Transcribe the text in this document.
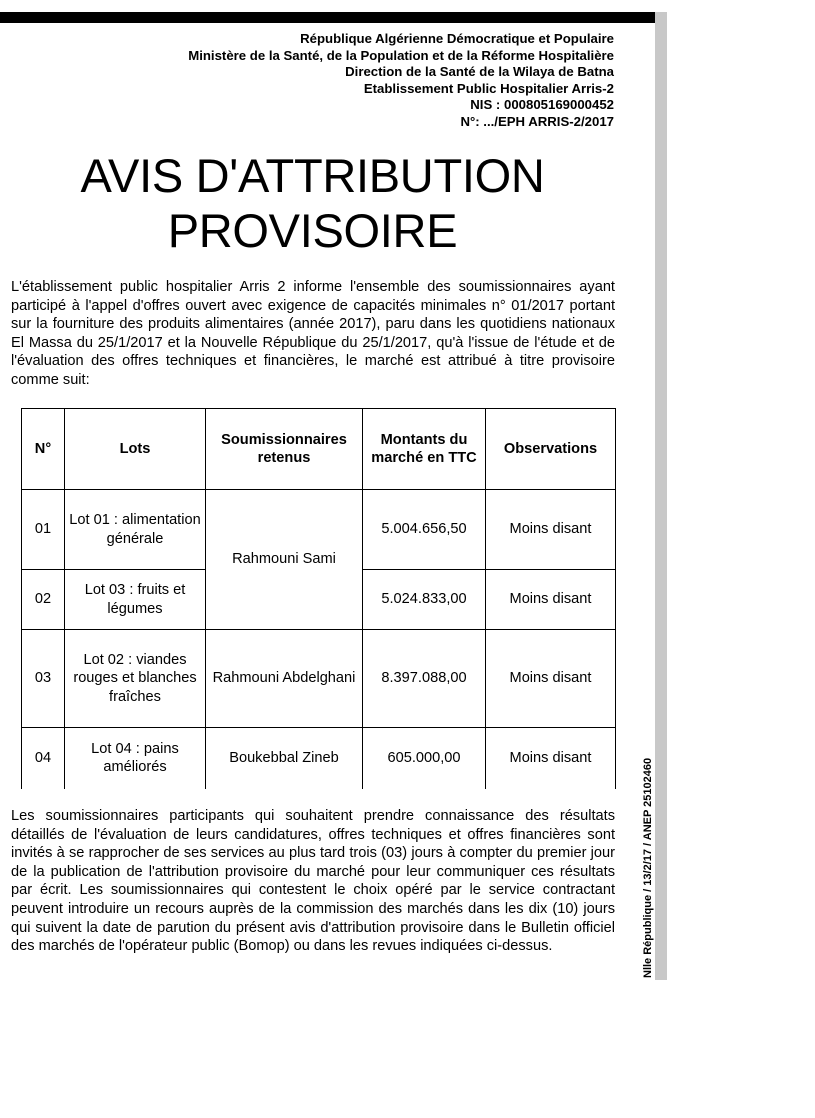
République Algérienne Démocratique et Populaire
Ministère de la Santé, de la Population et de la Réforme Hospitalière
Direction de la Santé de la Wilaya de Batna
Etablissement Public Hospitalier Arris-2
NIS : 000805169000452
N°: .../EPH ARRIS-2/2017
AVIS D'ATTRIBUTION
PROVISOIRE

L'établissement public hospitalier Arris 2 informe l'ensemble des soumissionnaires ayant participé à l'appel d'offres ouvert avec exigence de capacités minimales n° 01/2017 portant sur la fourniture des produits alimentaires (année 2017), paru dans les quotidiens nationaux El Massa du 25/1/2017 et la Nouvelle République du 25/1/2017, qu'à l'issue de l'étude et de l'évaluation des offres techniques et financières, le marché est attribué à titre provisoire comme suit:

N°	Lots	Soumissionnaires retenus	Montants du marché en TTC	Observations
01	Lot 01 : alimentation générale	Rahmouni Sami	5.004.656,50	Moins disant
02	Lot 03 : fruits et légumes		5.024.833,00	Moins disant
03	Lot 02 : viandes rouges et blanches fraîches	Rahmouni Abdelghani	8.397.088,00	Moins disant
04	Lot 04 : pains améliorés	Boukebbal Zineb	605.000,00	Moins disant

Les soumissionnaires participants qui souhaitent prendre connaissance des résultats détaillés de l'évaluation de leurs candidatures, offres techniques et offres financières sont invités à se rapprocher de ses services au plus tard trois (03) jours à compter du premier jour de la publication de l'attribution provisoire du marché pour leur communiquer ces résultats par écrit. Les soumissionnaires qui contestent le choix opéré par le service contractant peuvent introduire un recours auprès de la commission des marchés dans les dix (10) jours qui suivent la date de parution du présent avis d'attribution provisoire dans le Bulletin officiel des marchés de l'opérateur public (Bomop) ou dans les revues indiquées ci-dessus.	Nlle République / 13/2/17 / ANEP 25102460
